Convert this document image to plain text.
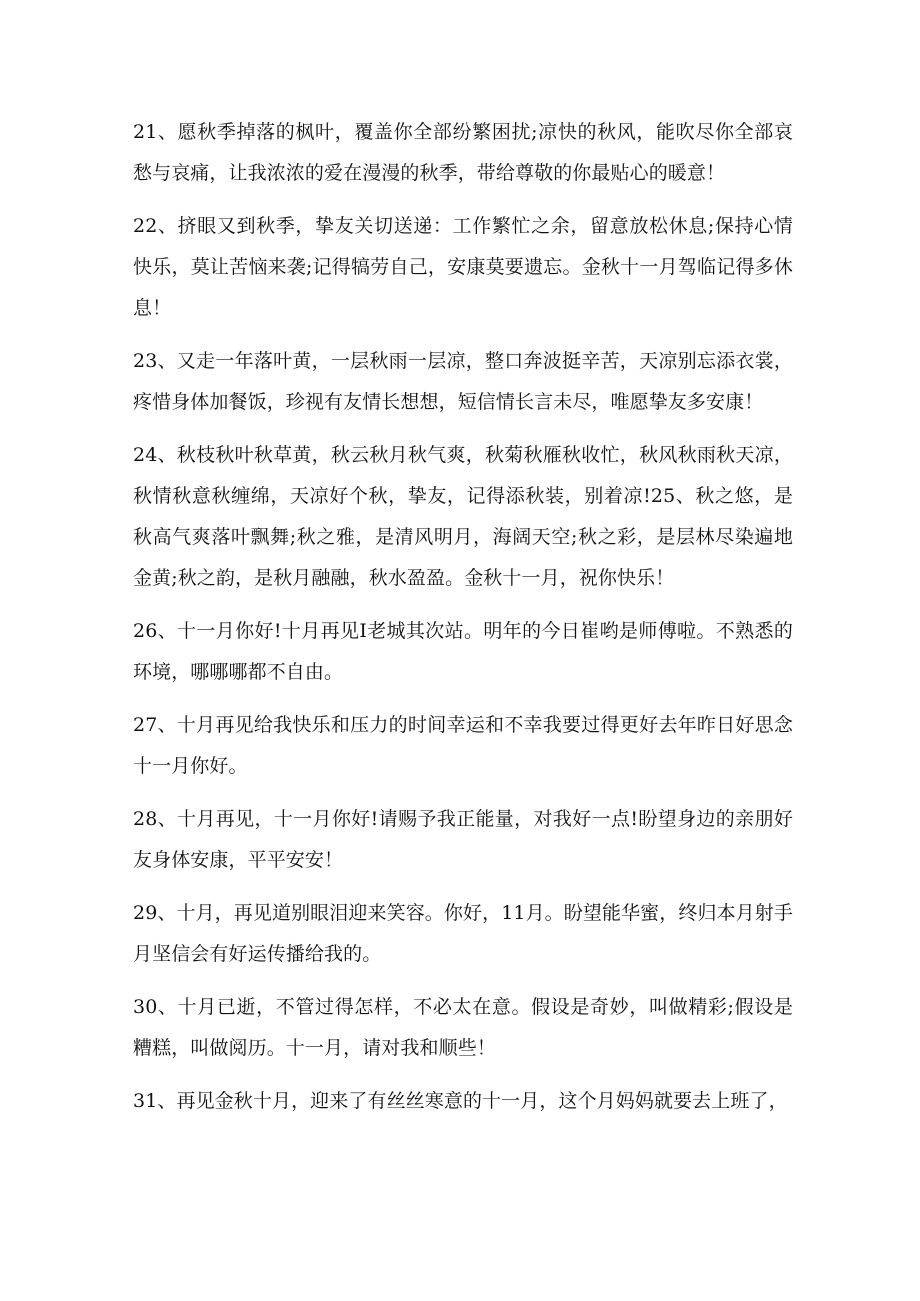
21、愿秋季掉落的枫叶，覆盖你全部纷繁困扰;凉快的秋风，能吹尽你全部哀愁与哀痛，让我浓浓的爱在漫漫的秋季，带给尊敬的你最贴心的暖意！

22、挤眼又到秋季，挚友关切送递：工作繁忙之余，留意放松休息;保持心情快乐，莫让苦恼来袭;记得犒劳自己，安康莫要遗忘。金秋十一月驾临记得多休息！

23、又走一年落叶黄，一层秋雨一层凉，整口奔波挺辛苦，天凉别忘添衣裳，疼惜身体加餐饭，珍视有友情长想想，短信情长言未尽，唯愿挚友多安康！

24、秋枝秋叶秋草黄，秋云秋月秋气爽，秋菊秋雁秋收忙，秋风秋雨秋天凉，秋情秋意秋缠绵，天凉好个秋，挚友，记得添秋装，别着凉!25、秋之悠，是秋高气爽落叶飘舞;秋之雅，是清风明月，海阔天空;秋之彩，是层林尽染遍地金黄;秋之韵，是秋月融融，秋水盈盈。金秋十一月，祝你快乐！

26、十一月你好!十月再见I老城其次站。明年的今日崔哟是师傅啦。不熟悉的环境，哪哪哪都不自由。

27、十月再见给我快乐和压力的时间幸运和不幸我要过得更好去年昨日好思念十一月你好。

28、十月再见，十一月你好!请赐予我正能量，对我好一点!盼望身边的亲朋好友身体安康，平平安安！

29、十月，再见道别眼泪迎来笑容。你好，11月。盼望能华蜜，终归本月射手月坚信会有好运传播给我的。

30、十月已逝，不管过得怎样，不必太在意。假设是奇妙，叫做精彩;假设是糟糕，叫做阅历。十一月，请对我和顺些！

31、再见金秋十月，迎来了有丝丝寒意的十一月，这个月妈妈就要去上班了，
